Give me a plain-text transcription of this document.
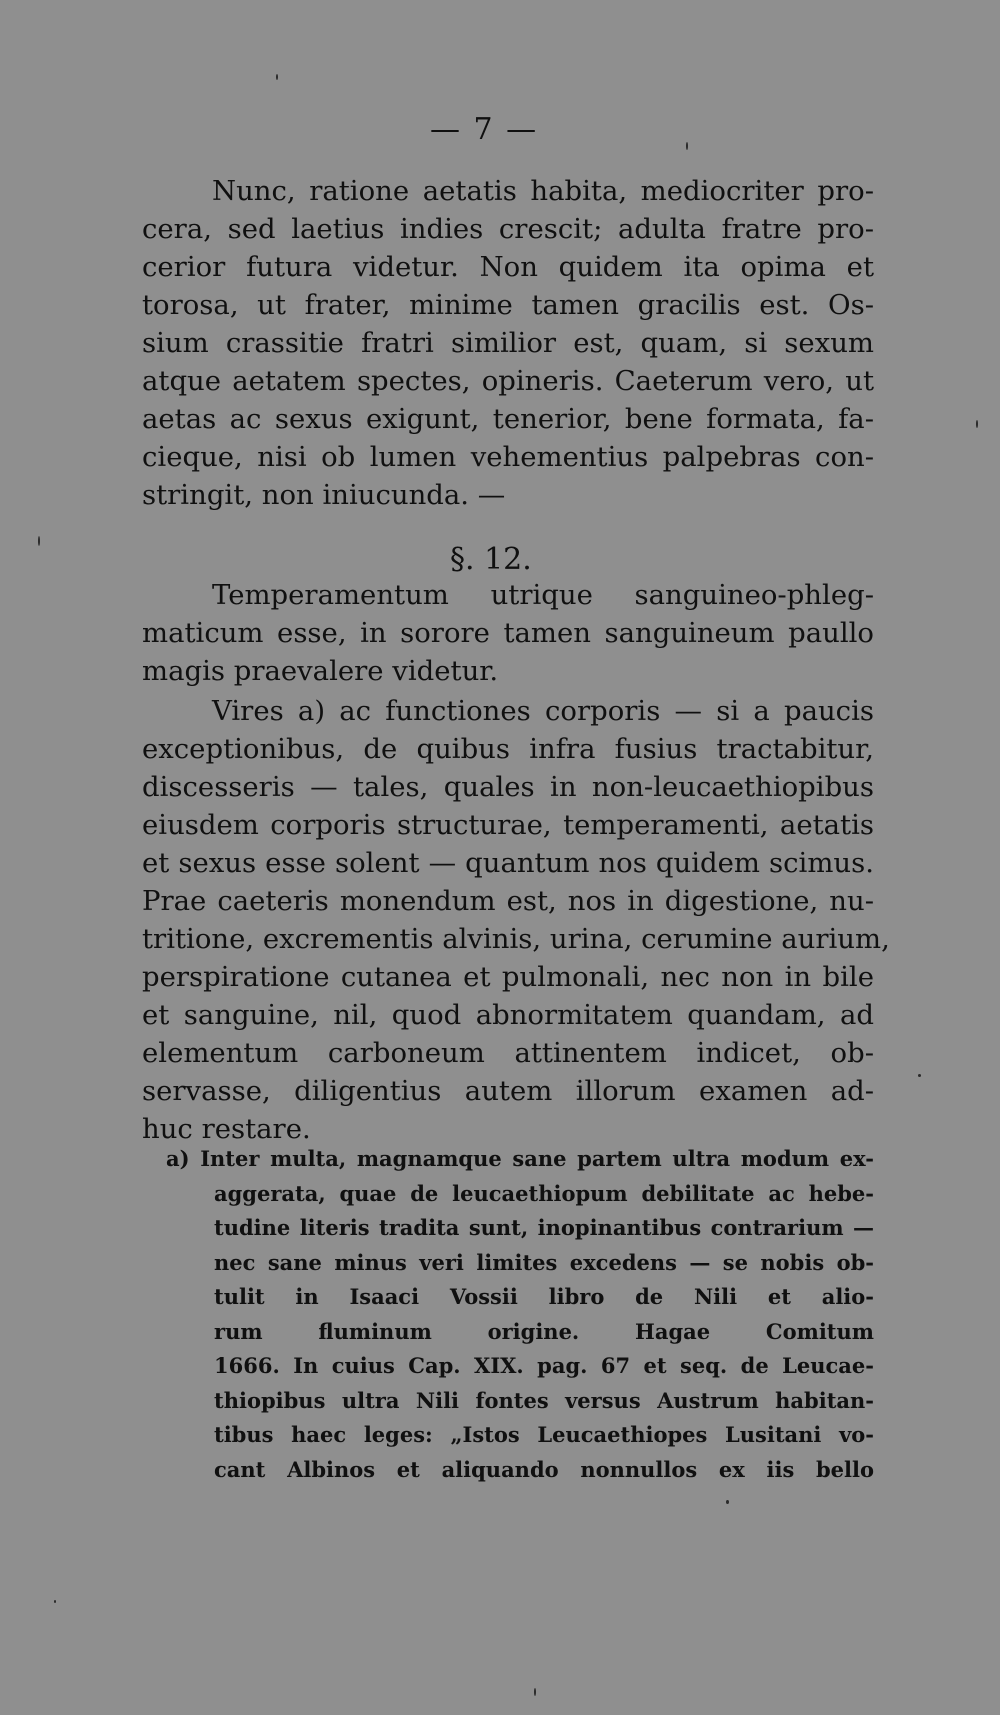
— 7 —
Nunc, ratione aetatis habita, mediocriter pro-
cera, sed laetius indies crescit; adulta fratre pro-
cerior futura videtur. Non quidem ita opima et
torosa, ut frater, minime tamen gracilis est. Os-
sium crassitie fratri similior est, quam, si sexum
atque aetatem spectes, opineris. Caeterum vero, ut
aetas ac sexus exigunt, tenerior, bene formata, fa-
cieque, nisi ob lumen vehementius palpebras con-
stringit, non iniucunda. —
§. 12.
Temperamentum utrique sanguineo-phleg-
maticum esse, in sorore tamen sanguineum paullo
magis praevalere videtur.
Vires a) ac functiones corporis — si a paucis
exceptionibus, de quibus infra fusius tractabitur,
discesseris — tales, quales in non-leucaethiopibus
eiusdem corporis structurae, temperamenti, aetatis
et sexus esse solent — quantum nos quidem scimus.
Prae caeteris monendum est, nos in digestione, nu-
tritione, excrementis alvinis, urina, cerumine aurium,
perspiratione cutanea et pulmonali, nec non in bile
et sanguine, nil, quod abnormitatem quandam, ad
elementum carboneum attinentem indicet, ob-
servasse, diligentius autem illorum examen ad-
huc restare.
a) Inter multa, magnamque sane partem ultra modum ex-
aggerata, quae de leucaethiopum debilitate ac hebe-
tudine literis tradita sunt, inopinantibus contrarium —
nec sane minus veri limites excedens — se nobis ob-
tulit in Isaaci Vossii libro de Nili et alio-
rum fluminum origine. Hagae Comitum
1666. In cuius Cap. XIX. pag. 67 et seq. de Leucae-
thiopibus ultra Nili fontes versus Austrum habitan-
tibus haec leges: „Istos Leucaethiopes Lusitani vo-
cant Albinos et aliquando nonnullos ex iis bello
